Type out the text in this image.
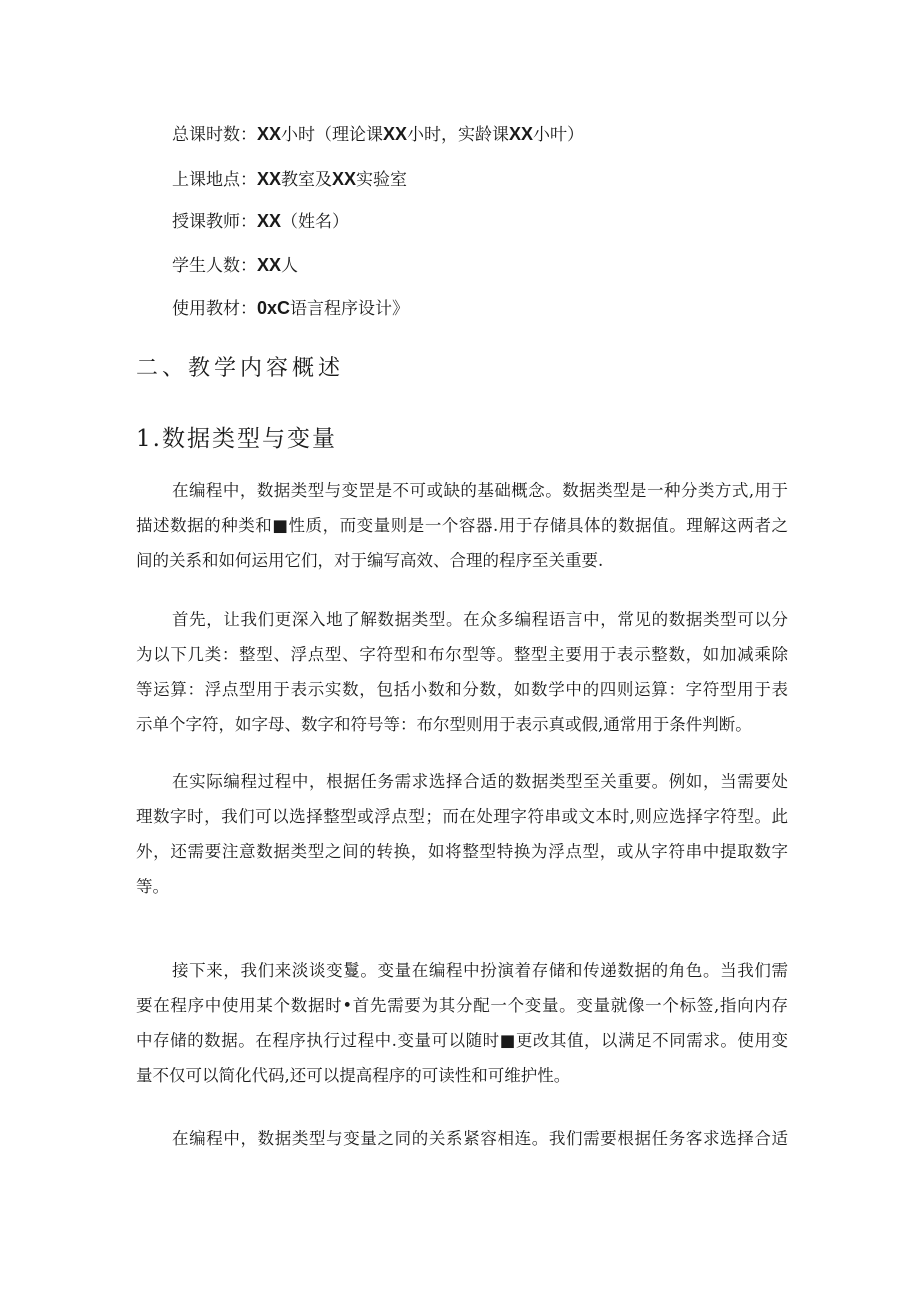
总课时数：XX小时（理论课XX小时，实龄课XX小叶）
上课地点：XX教室及XX实验室
授课教师：XX（姓名）
学生人数：XX人
使用教材：0xC语言程序设计》
二、教学内容概述
1.数据类型与变量
在编程中，数据类型与变罡是不可或缺的基础概念。数据类型是一种分类方式,用于
描述数据的种类和■性质，而变量则是一个容器.用于存储具体的数据值。理解这两者之
间的关系和如何运用它们，对于编写高效、合理的程序至关重要.
首先，让我们更深入地了解数据类型。在众多编程语言中，常见的数据类型可以分
为以下几类：整型、浮点型、字符型和布尔型等。整型主要用于表示整数，如加减乘除
等运算：浮点型用于表示实数，包括小数和分数，如数学中的四则运算：字符型用于表
示单个字符，如字母、数字和符号等：布尔型则用于表示真或假,通常用于条件判断。
在实际编程过程中，根据任务需求选择合适的数据类型至关重要。例如，当需要处
理数字时，我们可以选择整型或浮点型；而在处理字符串或文本时,则应选择字符型。此
外，还需要注意数据类型之间的转换，如将整型特换为浮点型，或从字符串中提取数字
等。
接下来，我们来淡谈变鬘。变量在编程中扮演着存储和传递数据的角色。当我们需
要在程序中使用某个数据时•首先需要为其分配一个变量。变量就像一个标签,指向内存
中存储的数据。在程序执行过程中.变量可以随时■更改其值，以满足不同需求。使用变
量不仅可以简化代码,还可以提高程序的可读性和可维护性。
在编程中，数据类型与变量之同的关系紧容相连。我们需要根据任务客求选择合适
